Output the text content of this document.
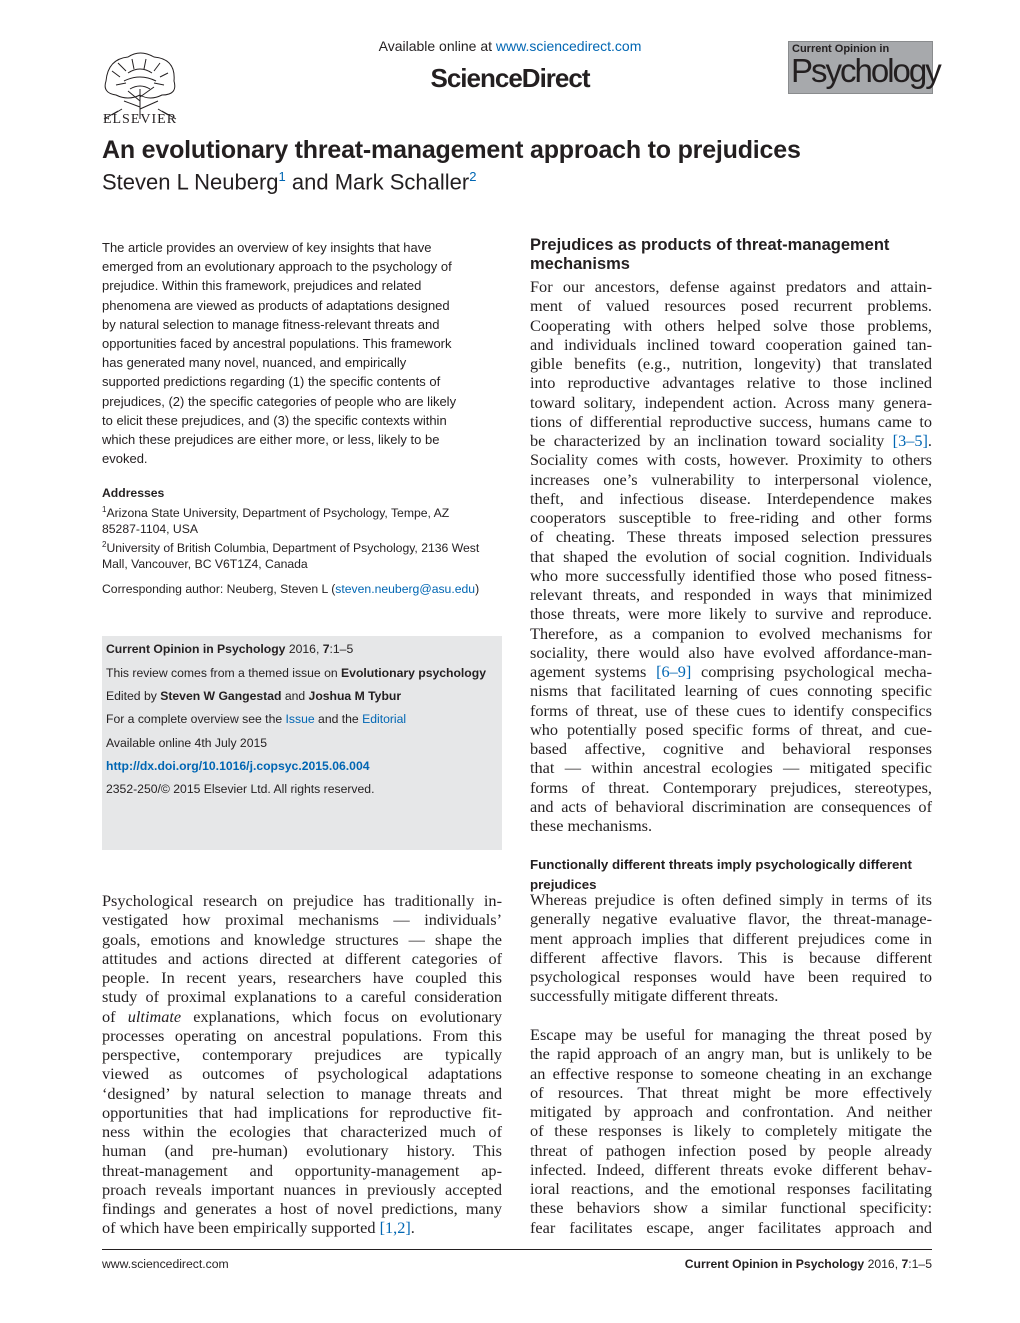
ELSEVIER
Available online at www.sciencedirect.com
ScienceDirect
Current Opinion in
Psychology
An evolutionary threat-management approach to prejudices
Steven L Neuberg$^1$ and Mark Schaller$^2$
The article provides an overview of key insights that have
emerged from an evolutionary approach to the psychology of
prejudice. Within this framework, prejudices and related
phenomena are viewed as products of adaptations designed
by natural selection to manage fitness-relevant threats and
opportunities faced by ancestral populations. This framework
has generated many novel, nuanced, and empirically
supported predictions regarding (1) the specific contents of
prejudices, (2) the specific categories of people who are likely
to elicit these prejudices, and (3) the specific contexts within
which these prejudices are either more, or less, likely to be
evoked.
Addresses
$^1$Arizona State University, Department of Psychology, Tempe, AZ
85287-1104, USA
$^2$University of British Columbia, Department of Psychology, 2136 West
Mall, Vancouver, BC V6T1Z4, Canada
Corresponding author: Neuberg, Steven L (steven.neuberg@asu.edu)
Current Opinion in Psychology 2016, 7:1–5
This review comes from a themed issue on Evolutionary psychology
Edited by Steven W Gangestad and Joshua M Tybur
For a complete overview see the Issue and the Editorial
Available online 4th July 2015
http://dx.doi.org/10.1016/j.copsyc.2015.06.004
2352-250/© 2015 Elsevier Ltd. All rights reserved.
Psychological research on prejudice has traditionally in-
vestigated how proximal mechanisms — individuals’
goals, emotions and knowledge structures — shape the
attitudes and actions directed at different categories of
people. In recent years, researchers have coupled this
study of proximal explanations to a careful consideration
of ultimate explanations, which focus on evolutionary
processes operating on ancestral populations. From this
perspective, contemporary prejudices are typically
viewed as outcomes of psychological adaptations
‘designed’ by natural selection to manage threats and
opportunities that had implications for reproductive fit-
ness within the ecologies that characterized much of
human (and pre-human) evolutionary history. This
threat-management and opportunity-management ap-
proach reveals important nuances in previously accepted
findings and generates a host of novel predictions, many
of which have been empirically supported [1,2].
Prejudices as products of threat-management mechanisms
For our ancestors, defense against predators and attain-
ment of valued resources posed recurrent problems.
Cooperating with others helped solve those problems,
and individuals inclined toward cooperation gained tan-
gible benefits (e.g., nutrition, longevity) that translated
into reproductive advantages relative to those inclined
toward solitary, independent action. Across many genera-
tions of differential reproductive success, humans came to
be characterized by an inclination toward sociality [3–5].
Sociality comes with costs, however. Proximity to others
increases one’s vulnerability to interpersonal violence,
theft, and infectious disease. Interdependence makes
cooperators susceptible to free-riding and other forms
of cheating. These threats imposed selection pressures
that shaped the evolution of social cognition. Individuals
who more successfully identified those who posed fitness-
relevant threats, and responded in ways that minimized
those threats, were more likely to survive and reproduce.
Therefore, as a companion to evolved mechanisms for
sociality, there would also have evolved affordance-man-
agement systems [6–9] comprising psychological mecha-
nisms that facilitated learning of cues connoting specific
forms of threat, use of these cues to identify conspecifics
who potentially posed specific forms of threat, and cue-
based affective, cognitive and behavioral responses
that — within ancestral ecologies — mitigated specific
forms of threat. Contemporary prejudices, stereotypes,
and acts of behavioral discrimination are consequences of
these mechanisms.
Functionally different threats imply psychologically different prejudices
Whereas prejudice is often defined simply in terms of its
generally negative evaluative flavor, the threat-manage-
ment approach implies that different prejudices come in
different affective flavors. This is because different
psychological responses would have been required to
successfully mitigate different threats.
Escape may be useful for managing the threat posed by
the rapid approach of an angry man, but is unlikely to be
an effective response to someone cheating in an exchange
of resources. That threat might be more effectively
mitigated by approach and confrontation. And neither
of these responses is likely to completely mitigate the
threat of pathogen infection posed by people already
infected. Indeed, different threats evoke different behav-
ioral reactions, and the emotional responses facilitating
these behaviors show a similar functional specificity:
fear facilitates escape, anger facilitates approach and
www.sciencedirect.com	Current Opinion in Psychology 2016, 7:1–5
